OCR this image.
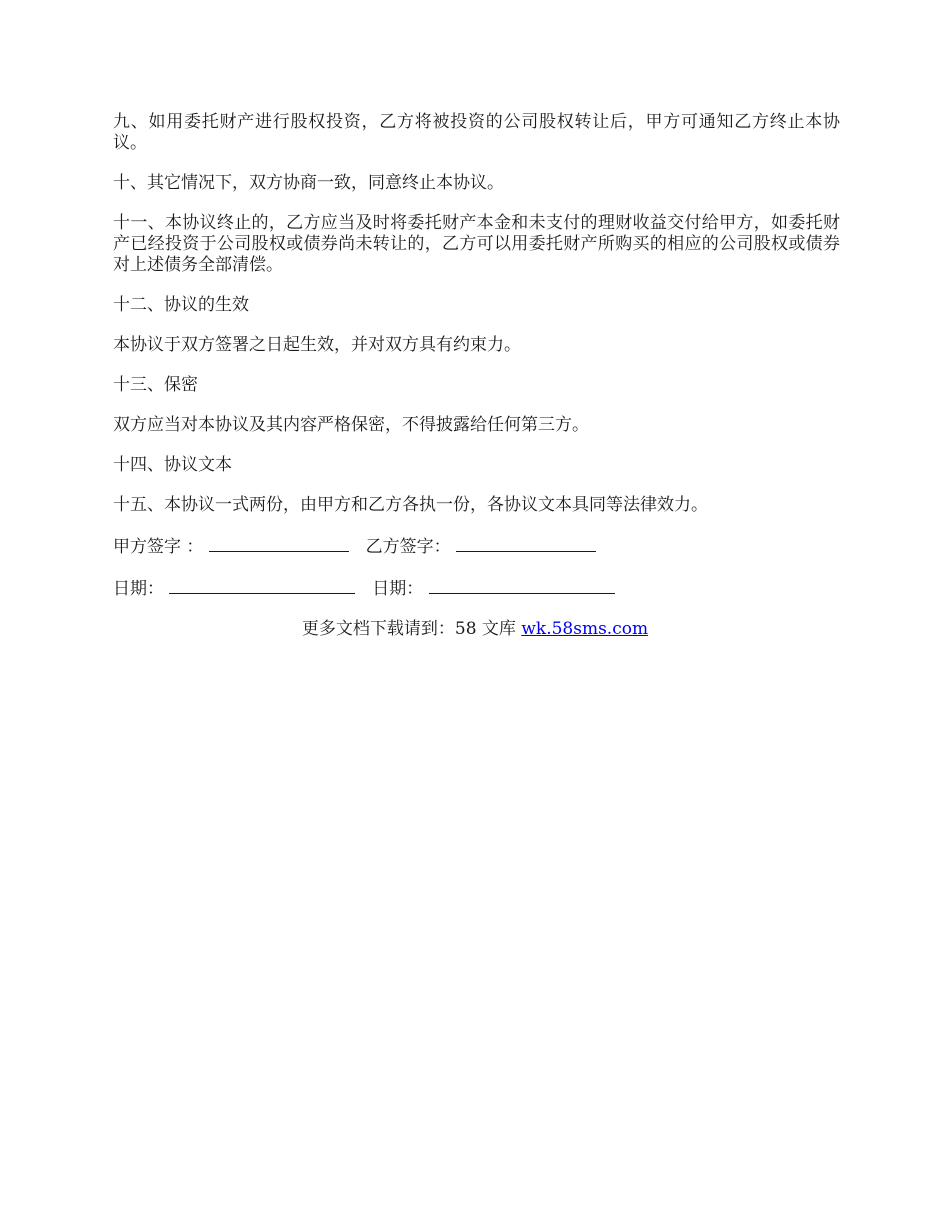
九、如用委托财产进行股权投资，乙方将被投资的公司股权转让后，甲方可通知乙方终止本协议。

十、其它情况下，双方协商一致，同意终止本协议。

十一、本协议终止的，乙方应当及时将委托财产本金和未支付的理财收益交付给甲方，如委托财产已经投资于公司股权或债券尚未转让的，乙方可以用委托财产所购买的相应的公司股权或债券对上述债务全部清偿。

十二、协议的生效

本协议于双方签署之日起生效，并对双方具有约束力。

十三、保密

双方应当对本协议及其内容严格保密，不得披露给任何第三方。

十四、协议文本

十五、本协议一式两份，由甲方和乙方各执一份，各协议文本具同等法律效力。

甲方签字 ：	乙方签字：
日期：	日期：
更多文档下载请到：58 文库 wk.58sms.com
